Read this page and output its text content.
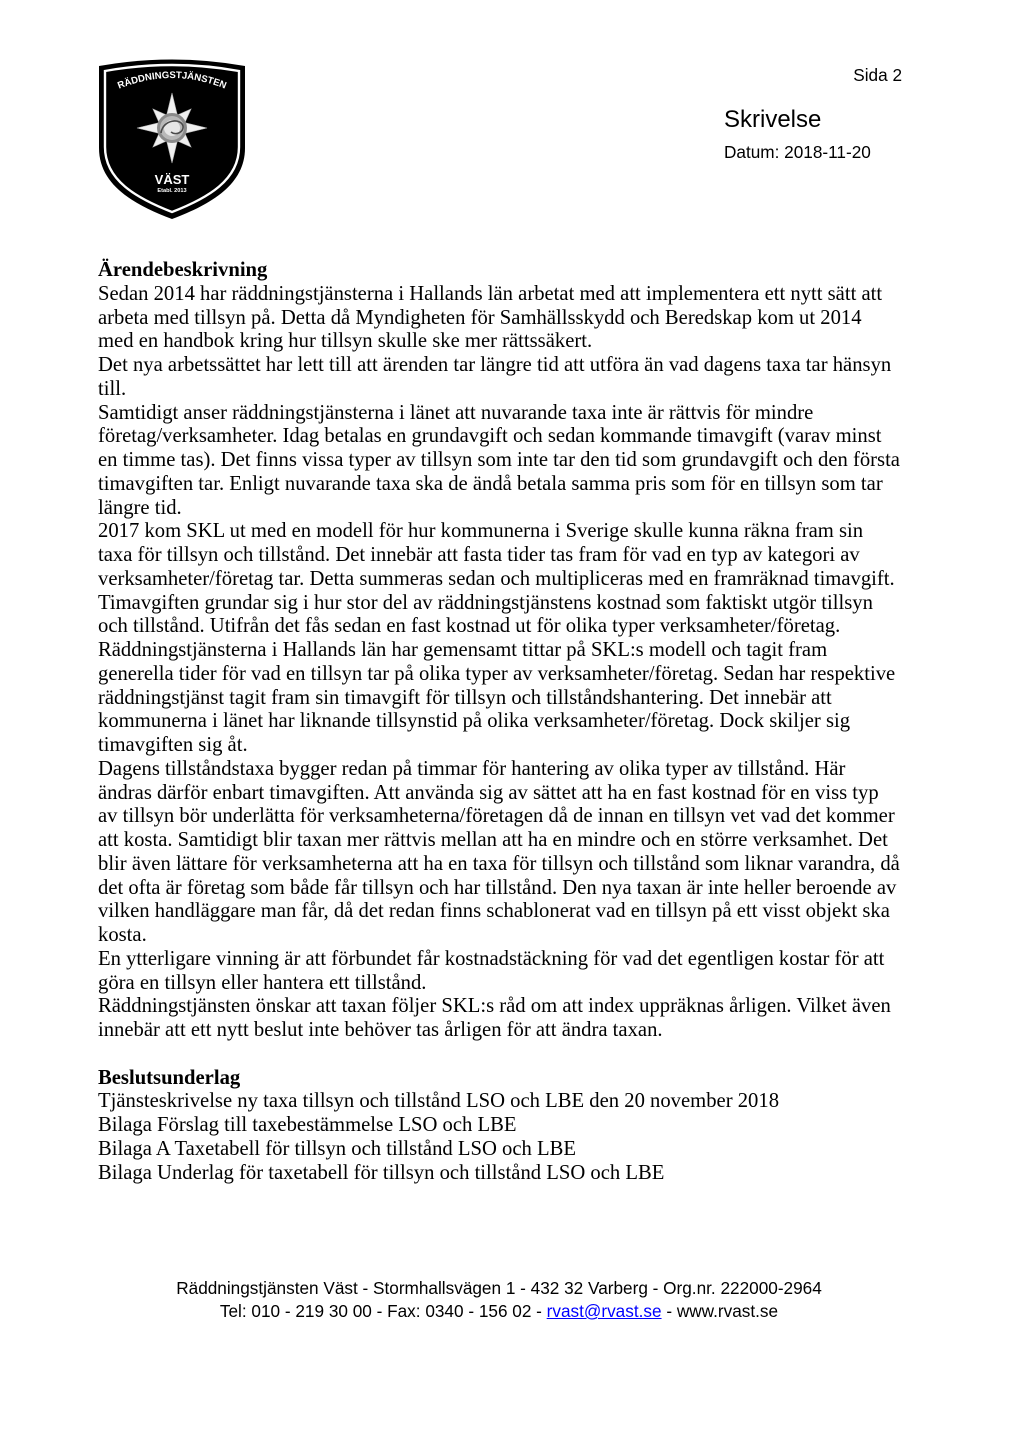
RÄDDNINGSTJÄNSTEN
VÄST
Etabl. 2013
Sida 2
Skrivelse
Datum: 2018-11-20
Ärendebeskrivning
Sedan 2014 har räddningstjänsterna i Hallands län arbetat med att implementera ett nytt sätt att
arbeta med tillsyn på. Detta då Myndigheten för Samhällsskydd och Beredskap kom ut 2014
med en handbok kring hur tillsyn skulle ske mer rättssäkert.
Det nya arbetssättet har lett till att ärenden tar längre tid att utföra än vad dagens taxa tar hänsyn
till.
Samtidigt anser räddningstjänsterna i länet att nuvarande taxa inte är rättvis för mindre
företag/verksamheter. Idag betalas en grundavgift och sedan kommande timavgift (varav minst
en timme tas). Det finns vissa typer av tillsyn som inte tar den tid som grundavgift och den första
timavgiften tar. Enligt nuvarande taxa ska de ändå betala samma pris som för en tillsyn som tar
längre tid.
2017 kom SKL ut med en modell för hur kommunerna i Sverige skulle kunna räkna fram sin
taxa för tillsyn och tillstånd. Det innebär att fasta tider tas fram för vad en typ av kategori av
verksamheter/företag tar. Detta summeras sedan och multipliceras med en framräknad timavgift.
Timavgiften grundar sig i hur stor del av räddningstjänstens kostnad som faktiskt utgör tillsyn
och tillstånd. Utifrån det fås sedan en fast kostnad ut för olika typer verksamheter/företag.
Räddningstjänsterna i Hallands län har gemensamt tittar på SKL:s modell och tagit fram
generella tider för vad en tillsyn tar på olika typer av verksamheter/företag. Sedan har respektive
räddningstjänst tagit fram sin timavgift för tillsyn och tillståndshantering. Det innebär att
kommunerna i länet har liknande tillsynstid på olika verksamheter/företag. Dock skiljer sig
timavgiften sig åt.
Dagens tillståndstaxa bygger redan på timmar för hantering av olika typer av tillstånd. Här
ändras därför enbart timavgiften. Att använda sig av sättet att ha en fast kostnad för en viss typ
av tillsyn bör underlätta för verksamheterna/företagen då de innan en tillsyn vet vad det kommer
att kosta. Samtidigt blir taxan mer rättvis mellan att ha en mindre och en större verksamhet. Det
blir även lättare för verksamheterna att ha en taxa för tillsyn och tillstånd som liknar varandra, då
det ofta är företag som både får tillsyn och har tillstånd. Den nya taxan är inte heller beroende av
vilken handläggare man får, då det redan finns schablonerat vad en tillsyn på ett visst objekt ska
kosta.
En ytterligare vinning är att förbundet får kostnadstäckning för vad det egentligen kostar för att
göra en tillsyn eller hantera ett tillstånd.
Räddningstjänsten önskar att taxan följer SKL:s råd om att index uppräknas årligen. Vilket även
innebär att ett nytt beslut inte behöver tas årligen för att ändra taxan.
Beslutsunderlag
Tjänsteskrivelse ny taxa tillsyn och tillstånd LSO och LBE den 20 november 2018
Bilaga Förslag till taxebestämmelse LSO och LBE
Bilaga A Taxetabell för tillsyn och tillstånd LSO och LBE
Bilaga Underlag för taxetabell för tillsyn och tillstånd LSO och LBE
Räddningstjänsten Väst - Stormhallsvägen 1 - 432 32 Varberg - Org.nr. 222000-2964
Tel: 010 - 219 30 00 - Fax: 0340 - 156 02 - rvast@rvast.se - www.rvast.se
